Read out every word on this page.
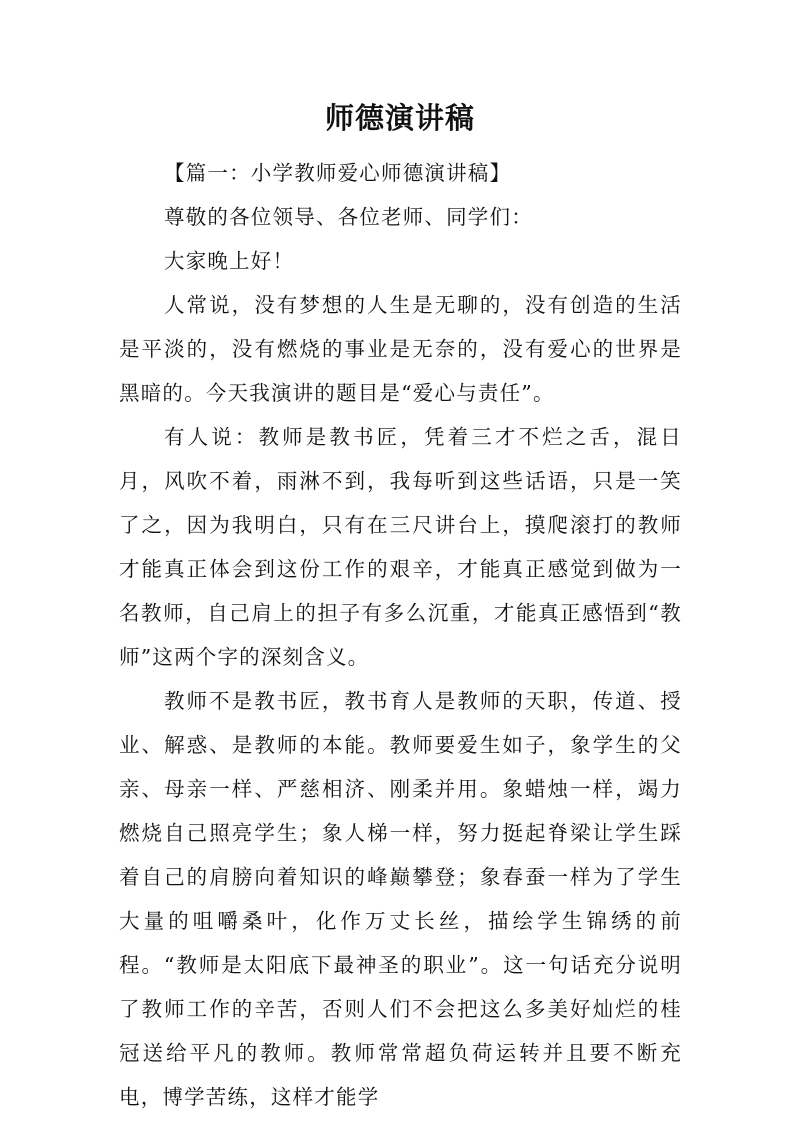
师德演讲稿

【篇一：小学教师爱心师德演讲稿】

尊敬的各位领导、各位老师、同学们：

大家晚上好！

人常说，没有梦想的人生是无聊的，没有创造的生活是平淡的，没有燃烧的事业是无奈的，没有爱心的世界是黑暗的。今天我演讲的题目是“爱心与责任”。

有人说：教师是教书匠，凭着三才不烂之舌，混日月，风吹不着，雨淋不到，我每听到这些话语，只是一笑了之，因为我明白，只有在三尺讲台上，摸爬滚打的教师才能真正体会到这份工作的艰辛，才能真正感觉到做为一名教师，自己肩上的担子有多么沉重，才能真正感悟到“教师”这两个字的深刻含义。

教师不是教书匠，教书育人是教师的天职，传道、授业、解惑、是教师的本能。教师要爱生如子，象学生的父亲、母亲一样、严慈相济、刚柔并用。象蜡烛一样，竭力燃烧自己照亮学生；象人梯一样，努力挺起脊梁让学生踩着自己的肩膀向着知识的峰巅攀登；象春蚕一样为了学生大量的咀嚼桑叶，化作万丈长丝，描绘学生锦绣的前程。“教师是太阳底下最神圣的职业”。这一句话充分说明了教师工作的辛苦，否则人们不会把这么多美好灿烂的桂冠送给平凡的教师。教师常常超负荷运转并且要不断充电，博学苦练，这样才能学
